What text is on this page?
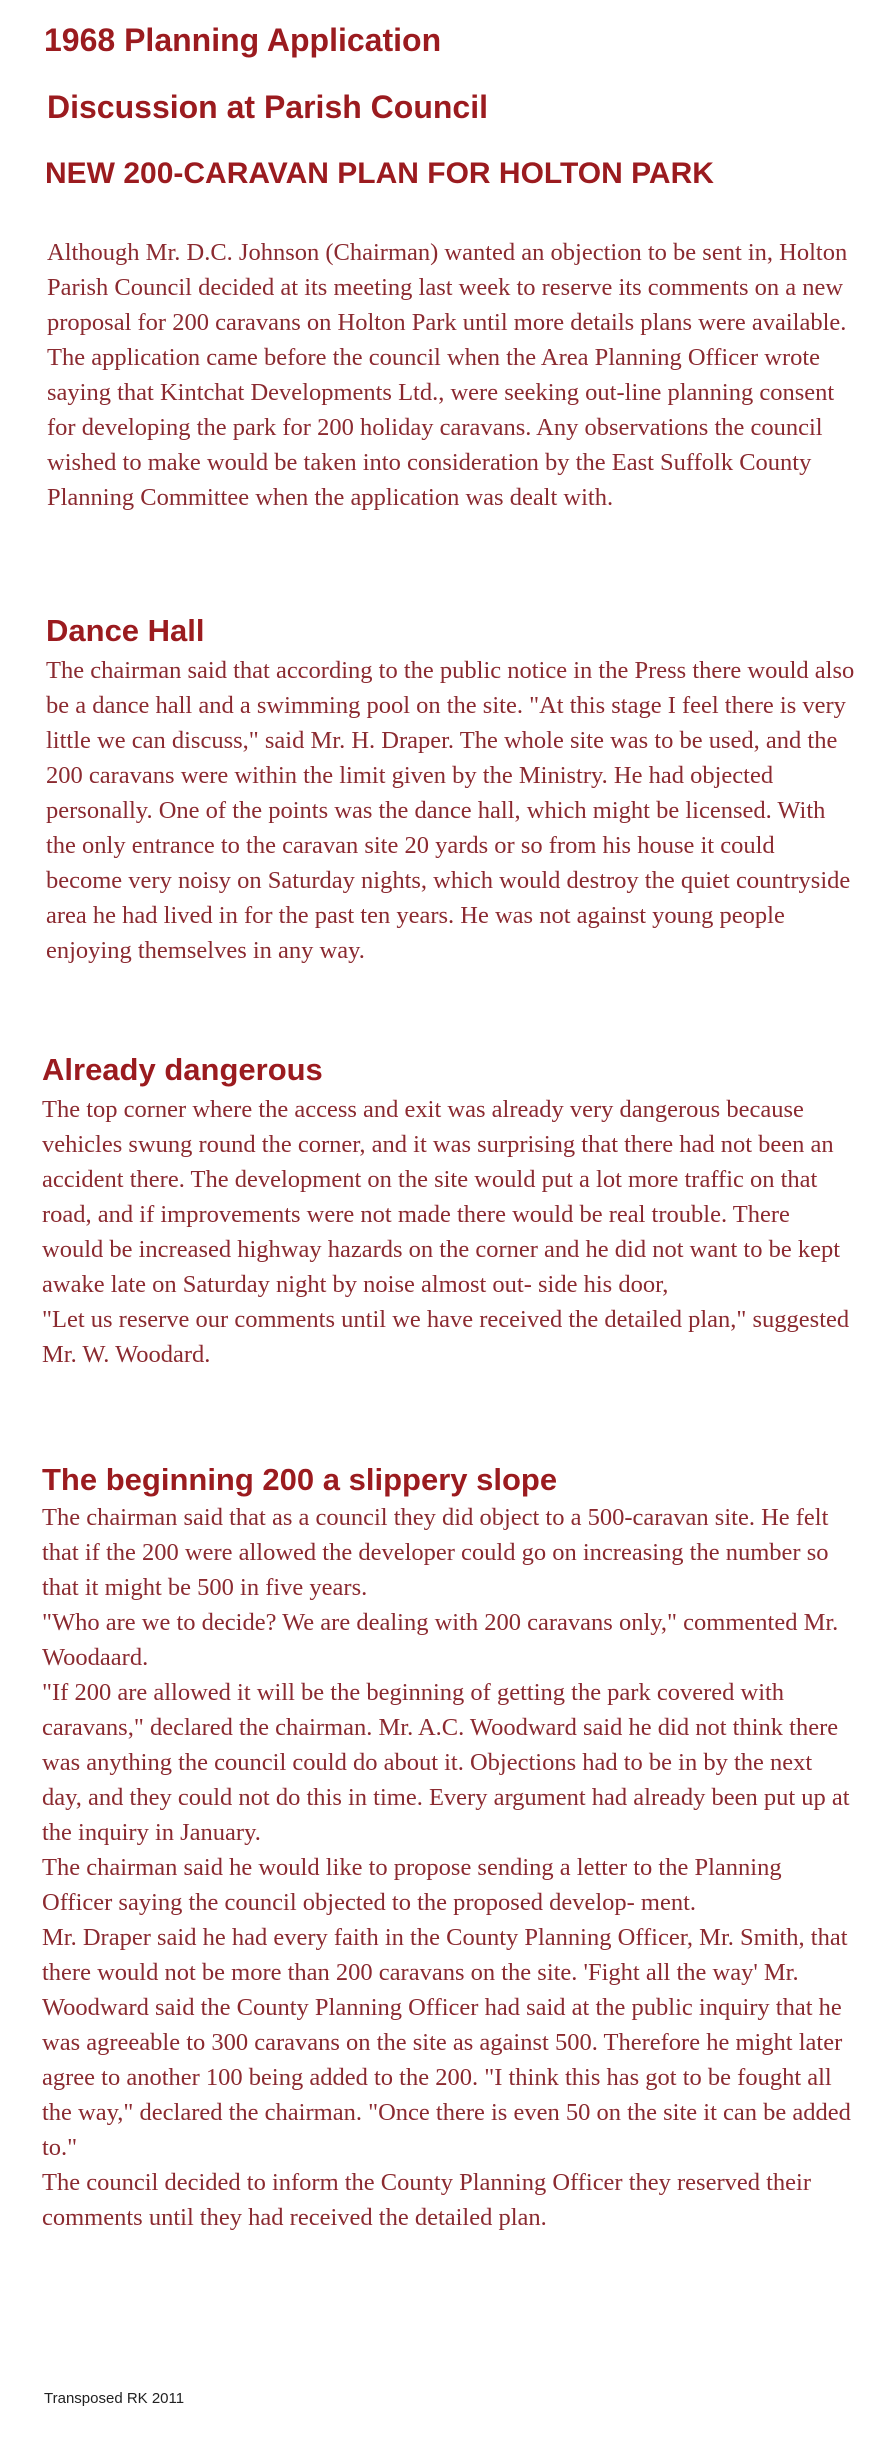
1968 Planning Application
Discussion at Parish Council
NEW 200-CARAVAN PLAN FOR HOLTON PARK

Although Mr. D.C. Johnson (Chairman) wanted an objection to be sent in, Holton Parish Council decided at its meeting last week to reserve its comments on a new proposal for 200 caravans on Holton Park until more details plans were available.

The application came before the council when the Area Planning Officer wrote saying that Kintchat Developments Ltd., were seeking out-line planning consent for developing the park for 200 holiday caravans. Any observations the council wished to make would be taken into consideration by the East Suffolk County Planning Committee when the application was dealt with.

Dance Hall

The chairman said that according to the public notice in the Press there would also be a dance hall and a swimming pool on the site. "At this stage I feel there is very little we can discuss," said Mr. H. Draper. The whole site was to be used, and the 200 caravans were within the limit given by the Ministry. He had objected personally. One of the points was the dance hall, which might be licensed. With the only entrance to the caravan site 20 yards or so from his house it could become very noisy on Saturday nights, which would destroy the quiet countryside area he had lived in for the past ten years. He was not against young people enjoying themselves in any way.

Already dangerous

The top corner where the access and exit was already very dangerous because vehicles swung round the corner, and it was surprising that there had not been an accident there. The development on the site would put a lot more traffic on that road, and if improvements were not made there would be real trouble. There would be increased highway hazards on the corner and he did not want to be kept awake late on Saturday night by noise almost out- side his door,

"Let us reserve our comments until we have received the detailed plan," suggested Mr. W. Woodard.

The beginning 200 a slippery slope

The chairman said that as a council they did object to a 500-caravan site. He felt that if the 200 were allowed the developer could go on increasing the number so that it might be 500 in five years.

"Who are we to decide? We are dealing with 200 caravans only," commented Mr. Woodaard.

"If 200 are allowed it will be the beginning of getting the park covered with caravans," declared the chairman. Mr. A.C. Woodward said he did not think there was anything the council could do about it. Objections had to be in by the next day, and they could not do this in time. Every argument had already been put up at the inquiry in January.

The chairman said he would like to propose sending a letter to the Planning Officer saying the council objected to the proposed develop- ment.

Mr. Draper said he had every faith in the County Planning Officer, Mr. Smith, that there would not be more than 200 caravans on the site. 'Fight all the way' Mr. Woodward said the County Planning Officer had said at the public inquiry that he was agreeable to 300 caravans on the site as against 500. Therefore he might later agree to another 100 being added to the 200. "I think this has got to be fought all the way," declared the chairman. "Once there is even 50 on the site it can be added to."

The council decided to inform the County Planning Officer they reserved their comments until they had received the detailed plan.

Transposed RK 2011
